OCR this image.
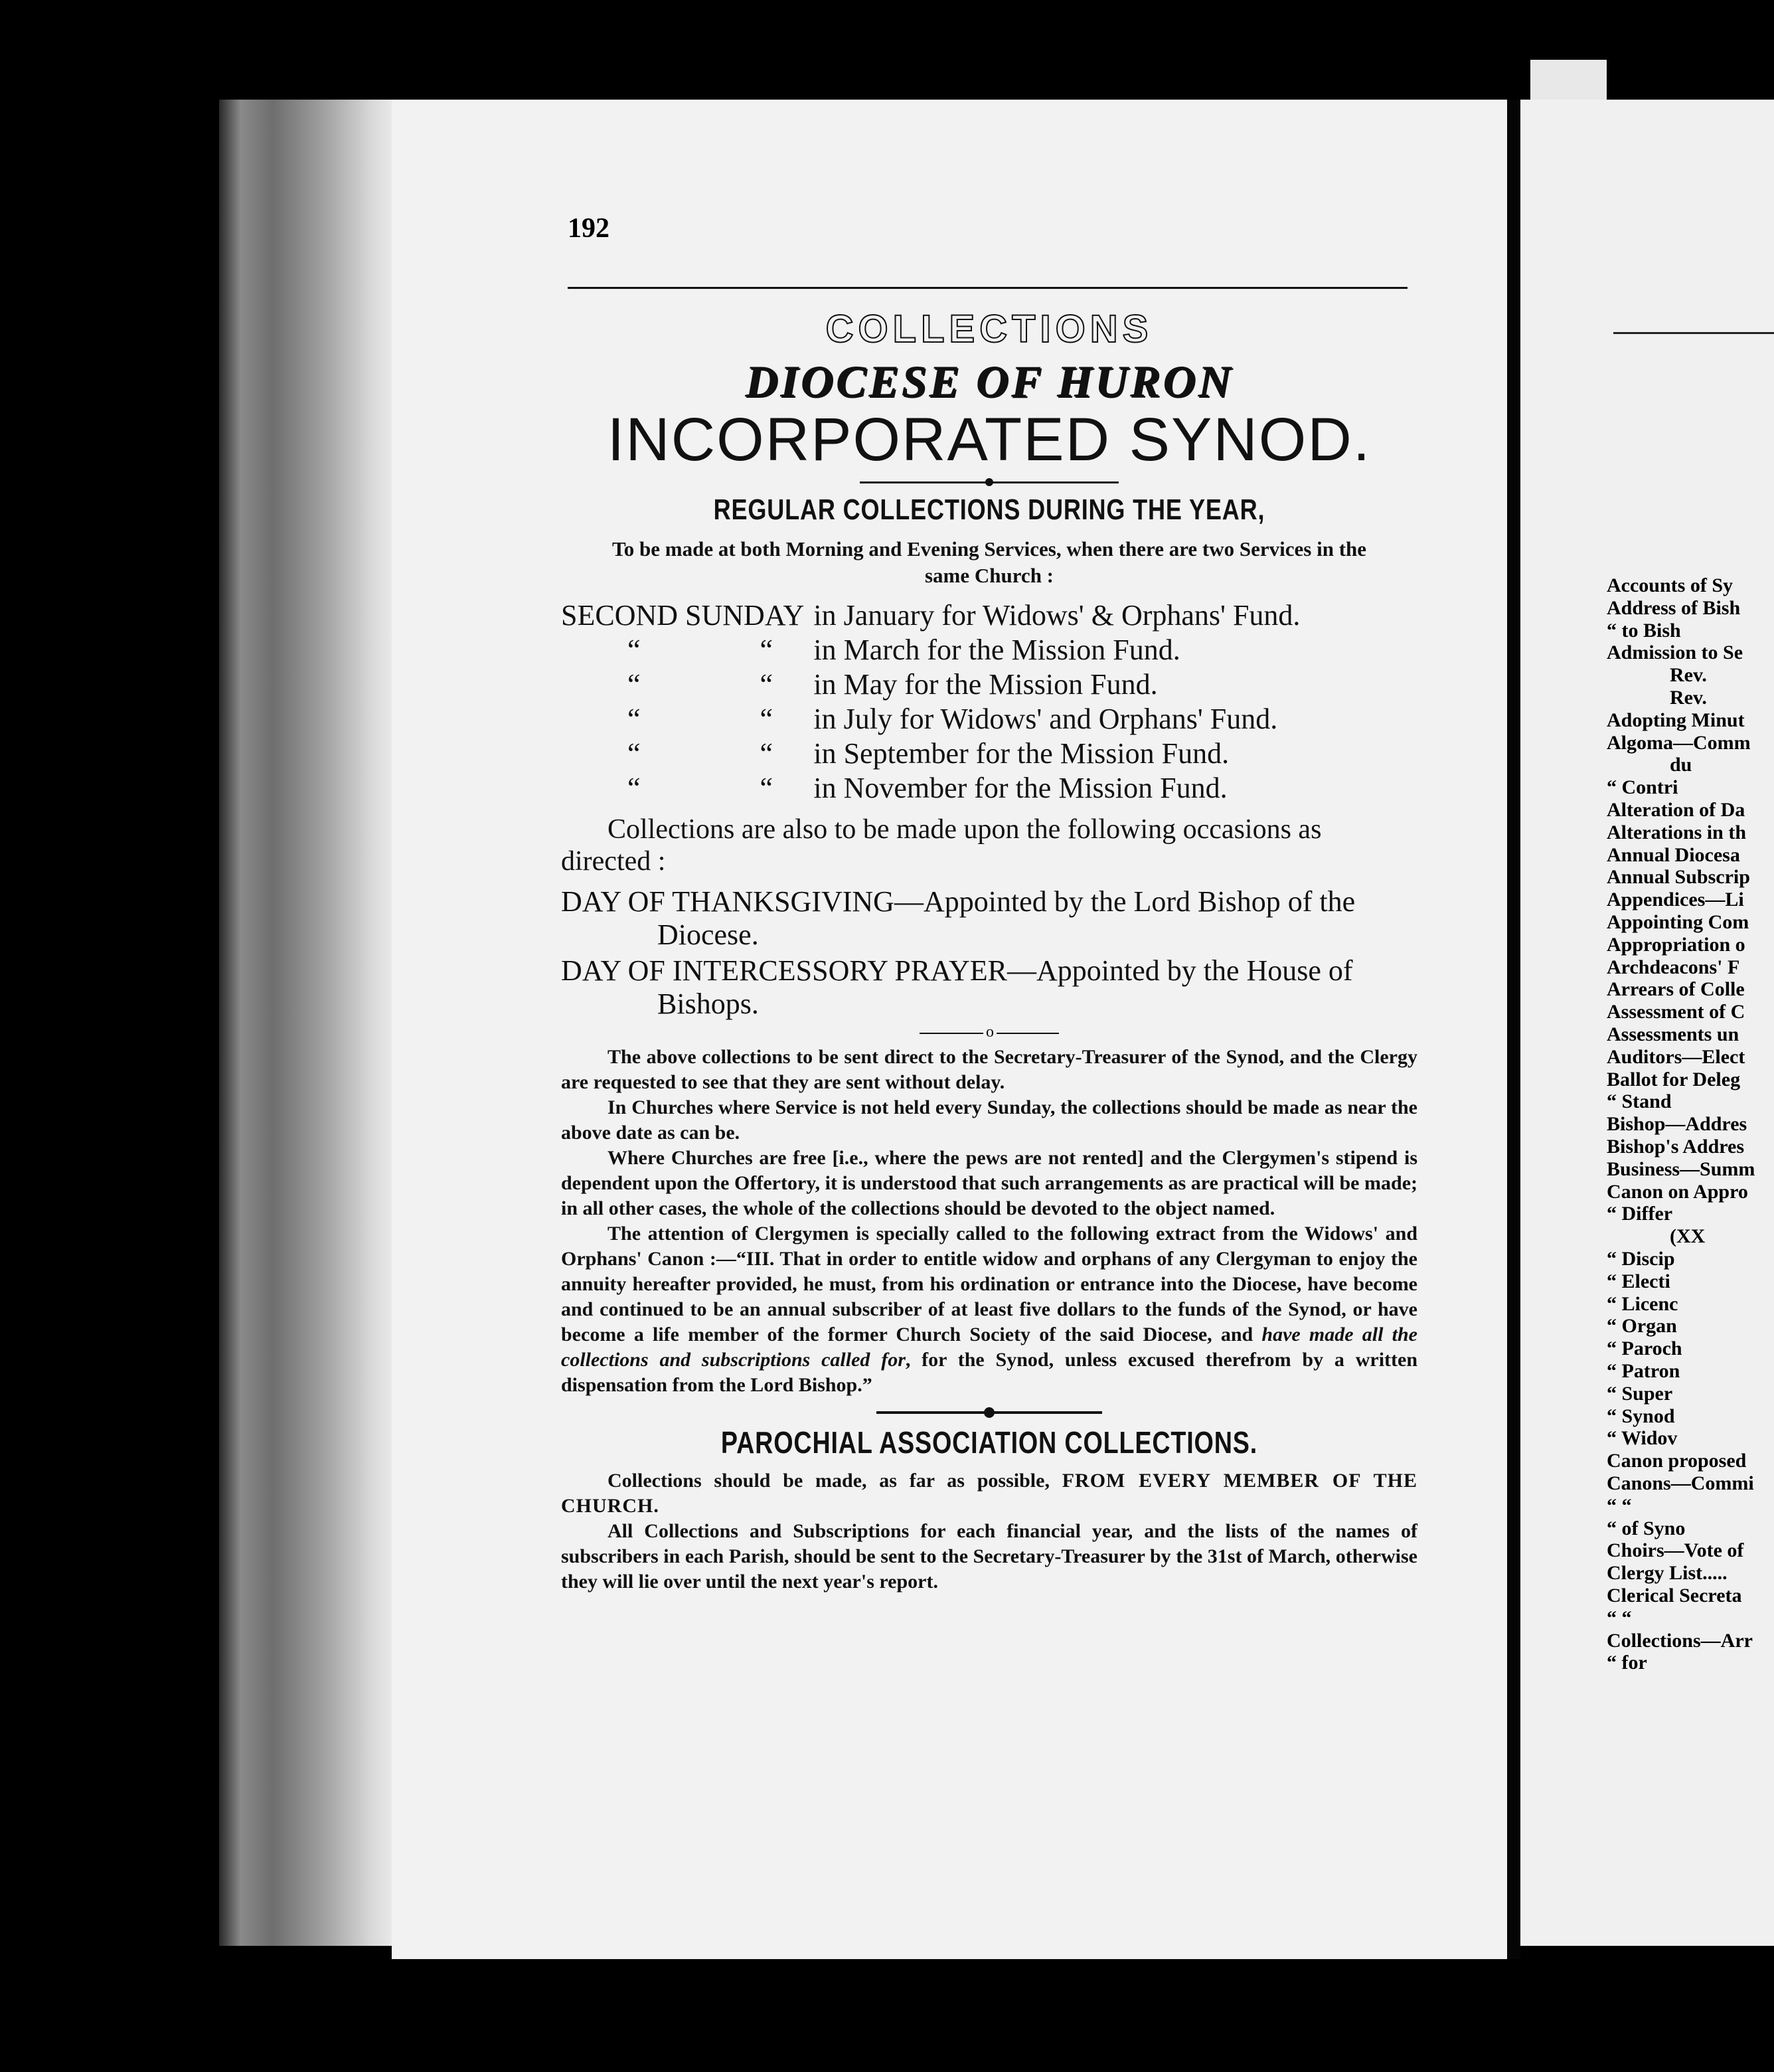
192
COLLECTIONS
DIOCESE OF HURON
INCORPORATED SYNOD.
REGULAR COLLECTIONS DURING THE YEAR,
To be made at both Morning and Evening Services, when there are two Services in the same Church :
SECOND SUNDAY		in January for Widows' & Orphans' Fund.
“ “		in March for the Mission Fund.
“ “		in May for the Mission Fund.
“ “		in July for Widows' and Orphans' Fund.
“ “		in September for the Mission Fund.
“ “		in November for the Mission Fund.
Collections are also to be made upon the following occasions as directed :
DAY OF THANKSGIVING—Appointed by the Lord Bishop of the Diocese.
DAY OF INTERCESSORY PRAYER—Appointed by the House of Bishops.
o

The above collections to be sent direct to the Secretary-Treasurer of the Synod, and the Clergy are requested to see that they are sent without delay.

In Churches where Service is not held every Sunday, the collections should be made as near the above date as can be.

Where Churches are free [i.e., where the pews are not rented] and the Clergymen's stipend is dependent upon the Offertory, it is understood that such arrangements as are practical will be made; in all other cases, the whole of the collections should be devoted to the object named.

The attention of Clergymen is specially called to the following extract from the Widows' and Orphans' Canon :—“III. That in order to entitle widow and orphans of any Clergyman to enjoy the annuity hereafter provided, he must, from his ordination or entrance into the Diocese, have become and continued to be an annual subscriber of at least five dollars to the funds of the Synod, or have become a life member of the former Church Society of the said Diocese, and have made all the collections and subscriptions called for, for the Synod, unless excused therefrom by a written dispensation from the Lord Bishop.”

PAROCHIAL ASSOCIATION COLLECTIONS.

Collections should be made, as far as possible, FROM EVERY MEMBER OF THE CHURCH.

All Collections and Subscriptions for each financial year, and the lists of the names of subscribers in each Parish, should be sent to the Secretary-Treasurer by the 31st of March, otherwise they will lie over until the next year's report.

Accounts of Sy
Address of Bish
“ to Bish
Admission to Se
Rev.
Rev.
Adopting Minut
Algoma—Comm
du
“ Contri
Alteration of Da
Alterations in th
Annual Diocesa
Annual Subscrip
Appendices—Li
Appointing Com
Appropriation o
Archdeacons' F
Arrears of Colle
Assessment of C
Assessments un
Auditors—Elect
Ballot for Deleg
“ Stand
Bishop—Addres
Bishop's Addres
Business—Summ
Canon on Appro
“ Differ
(XX
“ Discip
“ Electi
“ Licenc
“ Organ
“ Paroch
“ Patron
“ Super
“ Synod
“ Widov
Canon proposed
Canons—Commi
“ “
“ of Syno
Choirs—Vote of
Clergy List.....
Clerical Secreta
“ “
Collections—Arr
“ for
